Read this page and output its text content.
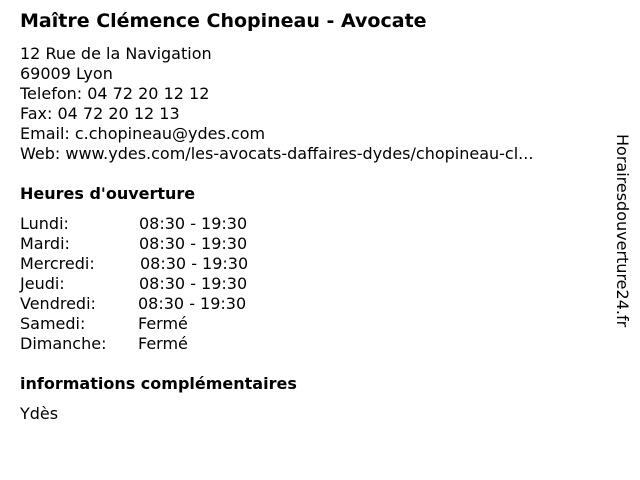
Maître Clémence Chopineau - Avocate
12 Rue de la Navigation
69009 Lyon
Telefon: 04 72 20 12 12
Fax: 04 72 20 12 13
Email: c.chopineau@ydes.com
Web: www.ydes.com/les-avocats-daffaires-dydes/chopineau-cl...
Heures d'ouverture
Lundi:	08:30 - 19:30
Mardi:	08:30 - 19:30
Mercredi:	08:30 - 19:30
Jeudi:	08:30 - 19:30
Vendredi:	08:30 - 19:30
Samedi:	Fermé
Dimanche: Fermé
informations complémentaires
Ydès
Horairesdouverture24.fr
